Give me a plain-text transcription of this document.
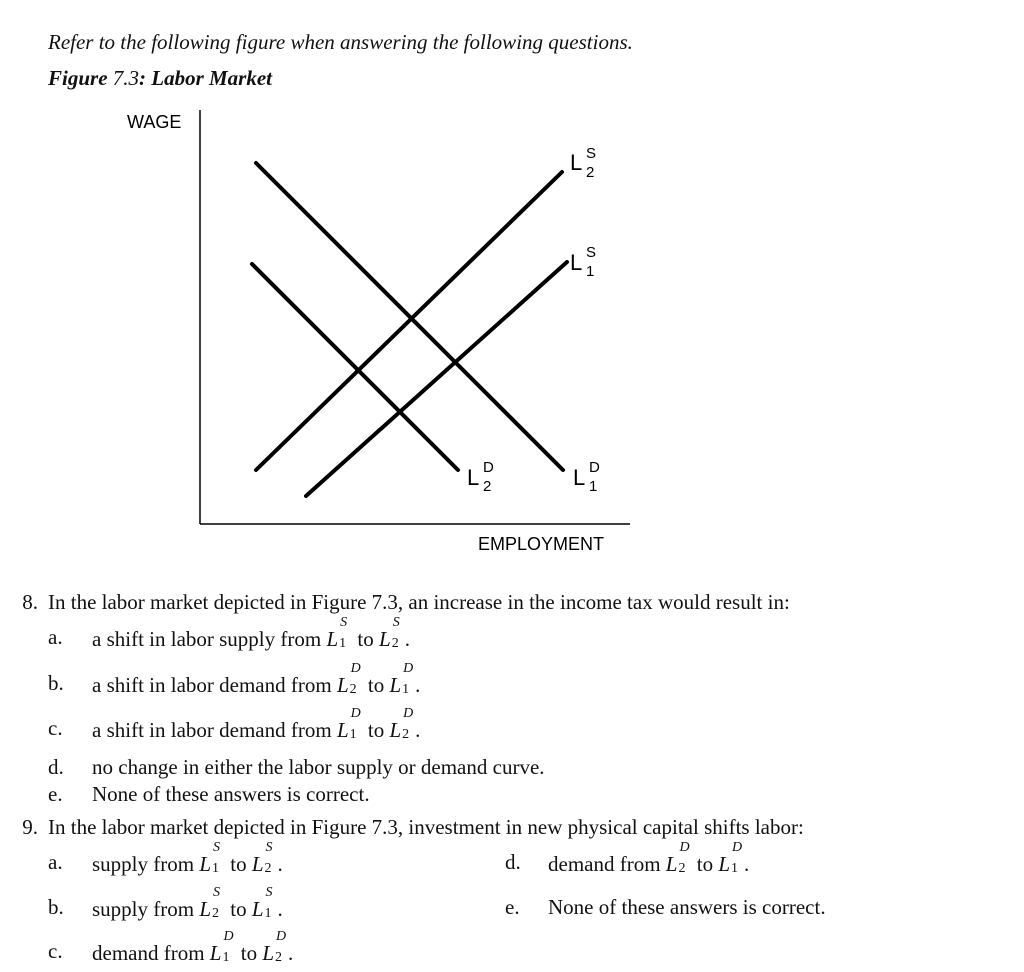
Refer to the following figure when answering the following questions.
Figure 7.3: Labor Market
WAGE
EMPLOYMENT
L S
2
L S
1
L D
2	L D
1
8. In the labor market depicted in Figure 7.3, an increase in the income tax would result in:
a. a shift in labor supply from L
S
1 to L
S
2 .
b. a shift in labor demand from L
D
2 to L
D
1 .
c. a shift in labor demand from L
D
1 to L
D
2 .
d. no change in either the labor supply or demand curve.
e. None of these answers is correct.
9. In the labor market depicted in Figure 7.3, investment in new physical capital shifts labor:
a. supply from L
S
1 to L
S
2 .	d. demand from L
D
2 to L
D
1 .
b. supply from L
S
2 to L
S
1 .	e. None of these answers is correct.
c. demand from L
D
1 to L
D
2 .
